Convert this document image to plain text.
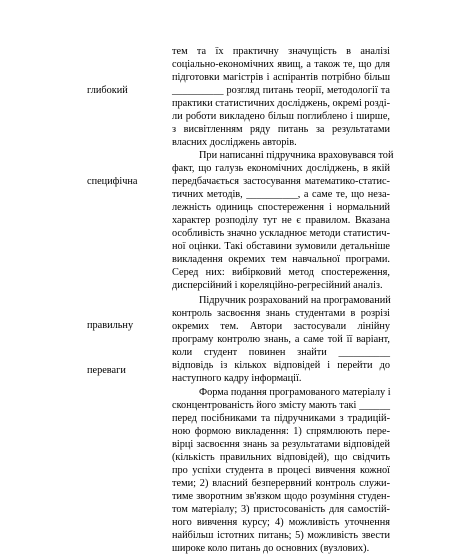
глибокий
специфічна
правильну
переваги
тем та їх практичну значущість в аналізі
соціально-економічних явищ, а також те, що для
підготовки магістрів і аспірантів потрібно більш
__________ розгляд питань теорії, методології та
практики статистичних досліджень, окремі розді-
ли роботи викладено більш поглиблено і ширше,
з висвітленням ряду питань за результатами
власних досліджень авторів.
При написанні підручника враховувався той
факт, що галузь економічних досліджень, в якій
передбачається застосування математико-статис-
тичних методів, __________, а саме те, що неза-
лежність одиниць спостереження і нормальний
характер розподілу тут не є правилом. Вказана
особливість значно ускладнює методи статистич-
ної оцінки. Такі обставини зумовили детальніше
викладення окремих тем навчальної програми.
Серед них: вибірковий метод спостереження,
дисперсійний і кореляційно-регресійний аналіз.
Підручник розрахований на програмований
контроль засвоєння знань студентами в розрізі
окремих тем. Автори застосували лінійну
програму контролю знань, а саме той її варіант,
коли студент повинен знайти __________
відповідь із кількох відповідей і перейти до
наступного кадру інформації.
Форма подання програмованого матеріалу і
сконцентрованість його змісту мають такі ______
перед посібниками та підручниками з традицій-
ною формою викладення: 1) спрямлюють пере-
вірці засвоєння знань за результатами відповідей
(кількість правильних відповідей), що свідчить
про успіхи студента в процесі вивчення кожної
теми; 2) власний безперервний контроль служи-
тиме зворотним зв'язком щодо розуміння студен-
том матеріалу; 3) пристосованість для самостій-
ного вивчення курсу; 4) можливість уточнення
найбільш істотних питань; 5) можливість звести
широке коло питань до основних (вузлових).
